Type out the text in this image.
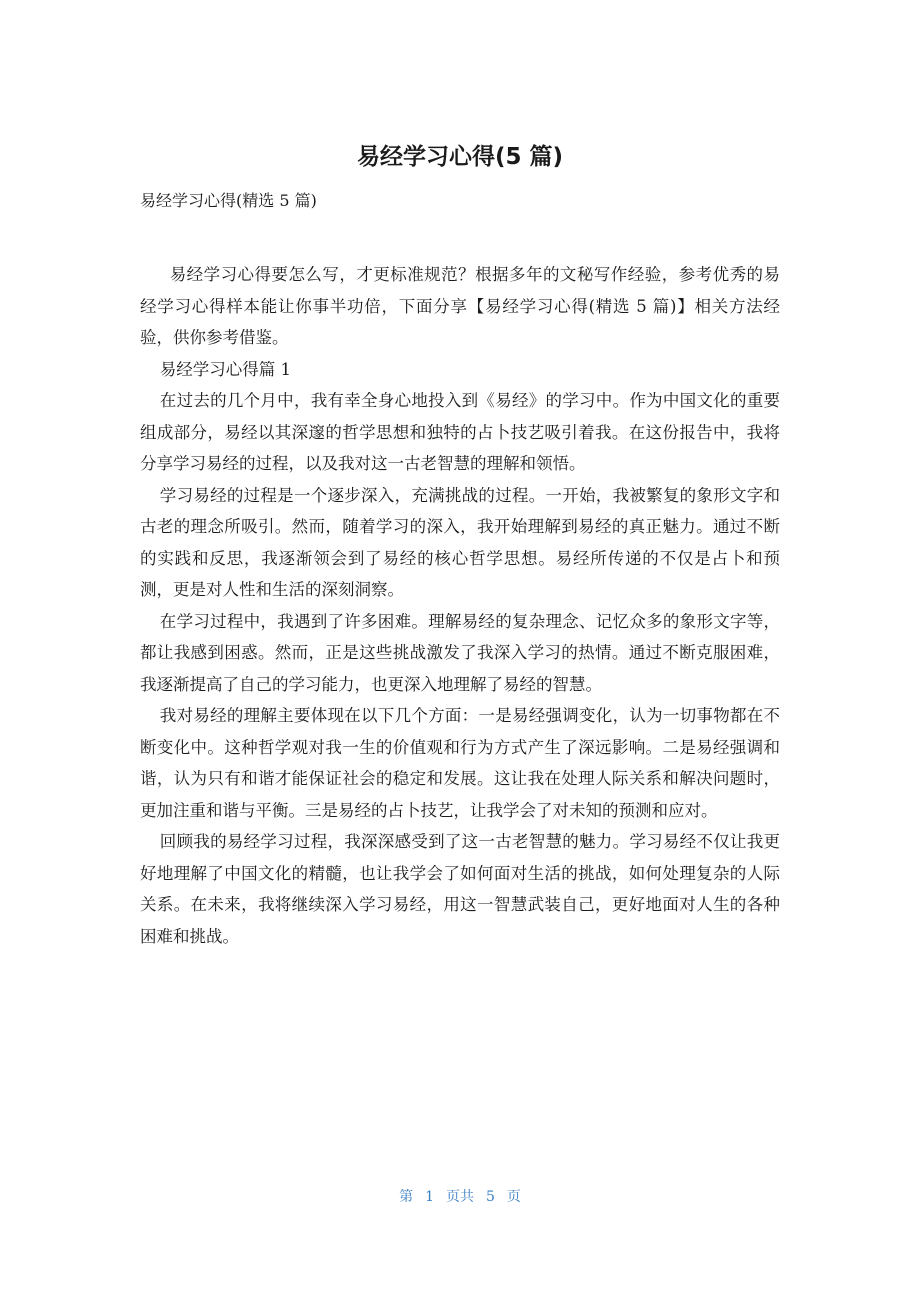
易经学习心得(5 篇)

易经学习心得(精选 5 篇)

易经学习心得要怎么写，才更标准规范？根据多年的文秘写作经验，参考优秀的易经学习心得样本能让你事半功倍，下面分享【易经学习心得(精选 5 篇)】相关方法经验，供你参考借鉴。

易经学习心得篇 1

在过去的几个月中，我有幸全身心地投入到《易经》的学习中。作为中国文化的重要组成部分，易经以其深邃的哲学思想和独特的占卜技艺吸引着我。在这份报告中，我将分享学习易经的过程，以及我对这一古老智慧的理解和领悟。

学习易经的过程是一个逐步深入，充满挑战的过程。一开始，我被繁复的象形文字和古老的理念所吸引。然而，随着学习的深入，我开始理解到易经的真正魅力。通过不断的实践和反思，我逐渐领会到了易经的核心哲学思想。易经所传递的不仅是占卜和预测，更是对人性和生活的深刻洞察。

在学习过程中，我遇到了许多困难。理解易经的复杂理念、记忆众多的象形文字等，都让我感到困惑。然而，正是这些挑战激发了我深入学习的热情。通过不断克服困难，我逐渐提高了自己的学习能力，也更深入地理解了易经的智慧。

我对易经的理解主要体现在以下几个方面：一是易经强调变化，认为一切事物都在不断变化中。这种哲学观对我一生的价值观和行为方式产生了深远影响。二是易经强调和谐，认为只有和谐才能保证社会的稳定和发展。这让我在处理人际关系和解决问题时，更加注重和谐与平衡。三是易经的占卜技艺，让我学会了对未知的预测和应对。

回顾我的易经学习过程，我深深感受到了这一古老智慧的魅力。学习易经不仅让我更好地理解了中国文化的精髓，也让我学会了如何面对生活的挑战，如何处理复杂的人际关系。在未来，我将继续深入学习易经，用这一智慧武装自己，更好地面对人生的各种困难和挑战。

第 1 页共 5 页
